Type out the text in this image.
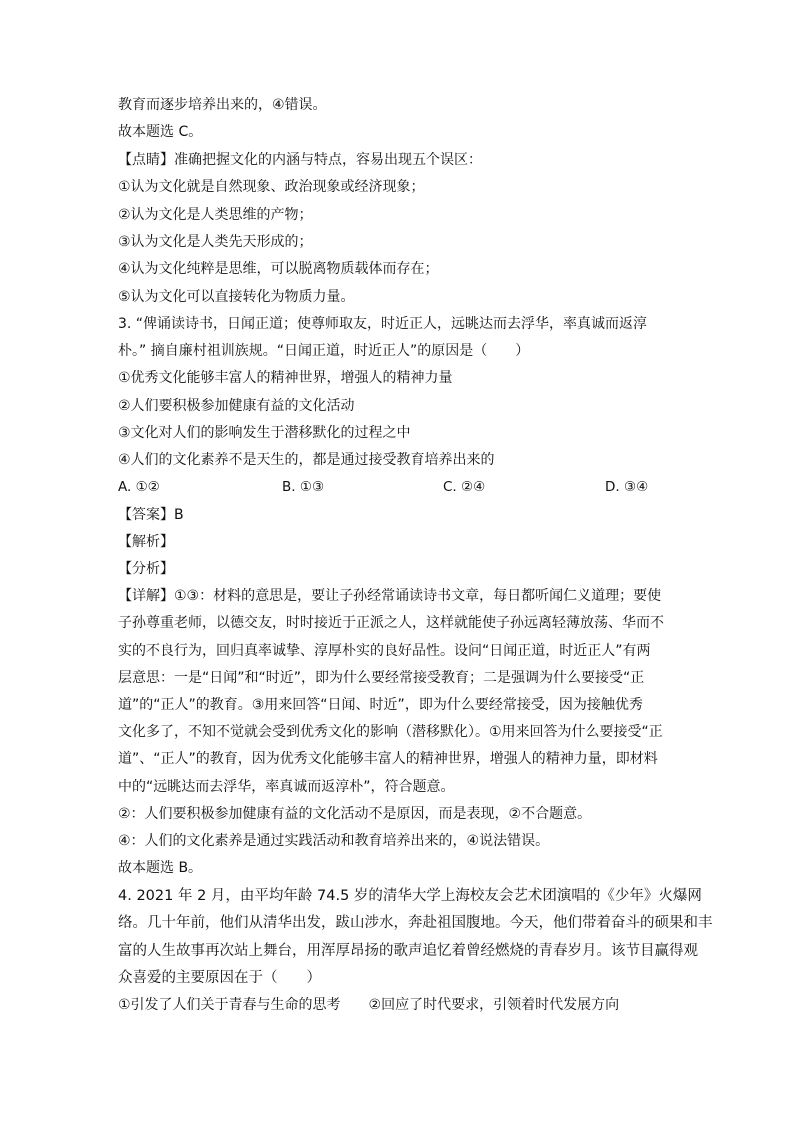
教育而逐步培养出来的，④错误。
故本题选 C。
【点睛】准确把握文化的内涵与特点，容易出现五个误区：
①认为文化就是自然现象、政治现象或经济现象；
②认为文化是人类思维的产物；
③认为文化是人类先天形成的；
④认为文化纯粹是思维，可以脱离物质载体而存在；
⑤认为文化可以直接转化为物质力量。
3. “俾诵读诗书，日闻正道；使尊师取友，时近正人，远眺达而去浮华，率真诚而返淳
朴。” 摘自廉村祖训族规。“日闻正道，时近正人”的原因是（　　）
①优秀文化能够丰富人的精神世界，增强人的精神力量
②人们要积极参加健康有益的文化活动
③文化对人们的影响发生于潜移默化的过程之中
④人们的文化素养不是天生的，都是通过接受教育培养出来的
A. ①②	B. ①③	C. ②④	D. ③④
【答案】B
【解析】
【分析】
【详解】①③：材料的意思是，要让子孙经常诵读诗书文章，每日都听闻仁义道理；要使
子孙尊重老师，以德交友，时时接近于正派之人，这样就能使子孙远离轻薄放荡、华而不
实的不良行为，回归真率诚挚、淳厚朴实的良好品性。设问“日闻正道，时近正人”有两
层意思：一是“日闻”和“时近”，即为什么要经常接受教育；二是强调为什么要接受“正
道”的“正人”的教育。③用来回答“日闻、时近”，即为什么要经常接受，因为接触优秀
文化多了，不知不觉就会受到优秀文化的影响（潜移默化）。①用来回答为什么要接受“正
道”、“正人”的教育，因为优秀文化能够丰富人的精神世界，增强人的精神力量，即材料
中的“远眺达而去浮华，率真诚而返淳朴”，符合题意。
②：人们要积极参加健康有益的文化活动不是原因，而是表现，②不合题意。
④：人们的文化素养是通过实践活动和教育培养出来的，④说法错误。
故本题选 B。
4. 2021 年 2 月，由平均年龄 74.5 岁的清华大学上海校友会艺术团演唱的《少年》火爆网
络。几十年前，他们从清华出发，跋山涉水，奔赴祖国腹地。今天，他们带着奋斗的硕果和丰
富的人生故事再次站上舞台，用浑厚昂扬的歌声追忆着曾经燃烧的青春岁月。该节目赢得观
众喜爱的主要原因在于（　　）
①引发了人们关于青春与生命的思考　　②回应了时代要求，引领着时代发展方向
